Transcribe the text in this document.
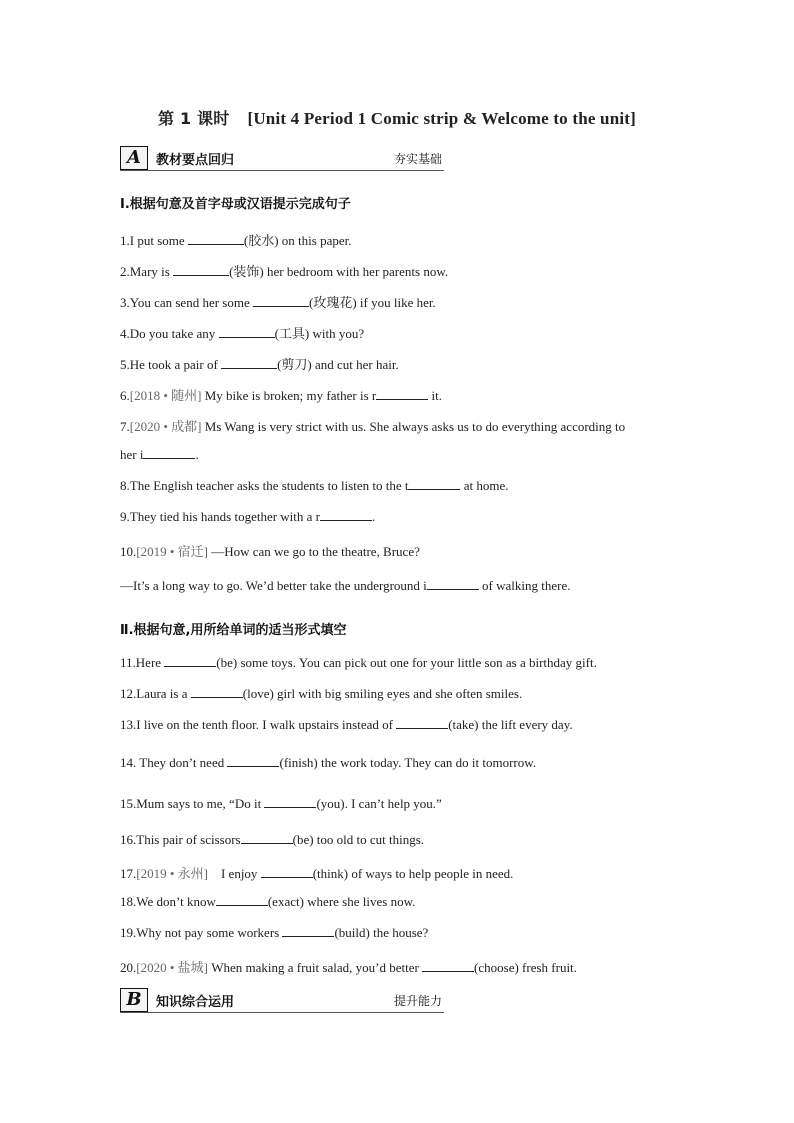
第 1 课时 [Unit 4 Period 1 Comic strip & Welcome to the unit]
A	教材要点回归	夯实基础
Ⅰ.根据句意及首字母或汉语提示完成句子
1.I put some	(胶水) on this paper.
2.Mary is	(装饰) her bedroom with her parents now.
3.You can send her some	(玫瑰花) if you like her.
4.Do you take any	(工具) with you?
5.He took a pair of	(剪刀) and cut her hair.
6.[2018 • 随州] My bike is broken; my father is r	it.
7.[2020 • 成都] Ms Wang is very strict with us. She always asks us to do everything according to
her i	.
8.The English teacher asks the students to listen to the t	at home.
9.They tied his hands together with a r	.
10.[2019 • 宿迁] —How can we go to the theatre, Bruce?
—It’s a long way to go. We’d better take the underground i	of walking there.
Ⅱ.根据句意,用所给单词的适当形式填空
11.Here	(be) some toys. You can pick out one for your little son as a birthday gift.
12.Laura is a	(love) girl with big smiling eyes and she often smiles.
13.I live on the tenth floor. I walk upstairs instead of	(take) the lift every day.
14. They don’t need	(finish) the work today. They can do it tomorrow.
15.Mum says to me, “Do it	(you). I can’t help you.”
16.This pair of scissors	(be) too old to cut things.
17.[2019 • 永州]    I enjoy	(think) of ways to help people in need.
18.We don’t know	(exact) where she lives now.
19.Why not pay some workers	(build) the house?
20.[2020 • 盐城] When making a fruit salad, you’d better	(choose) fresh fruit.
B	知识综合运用	提升能力
